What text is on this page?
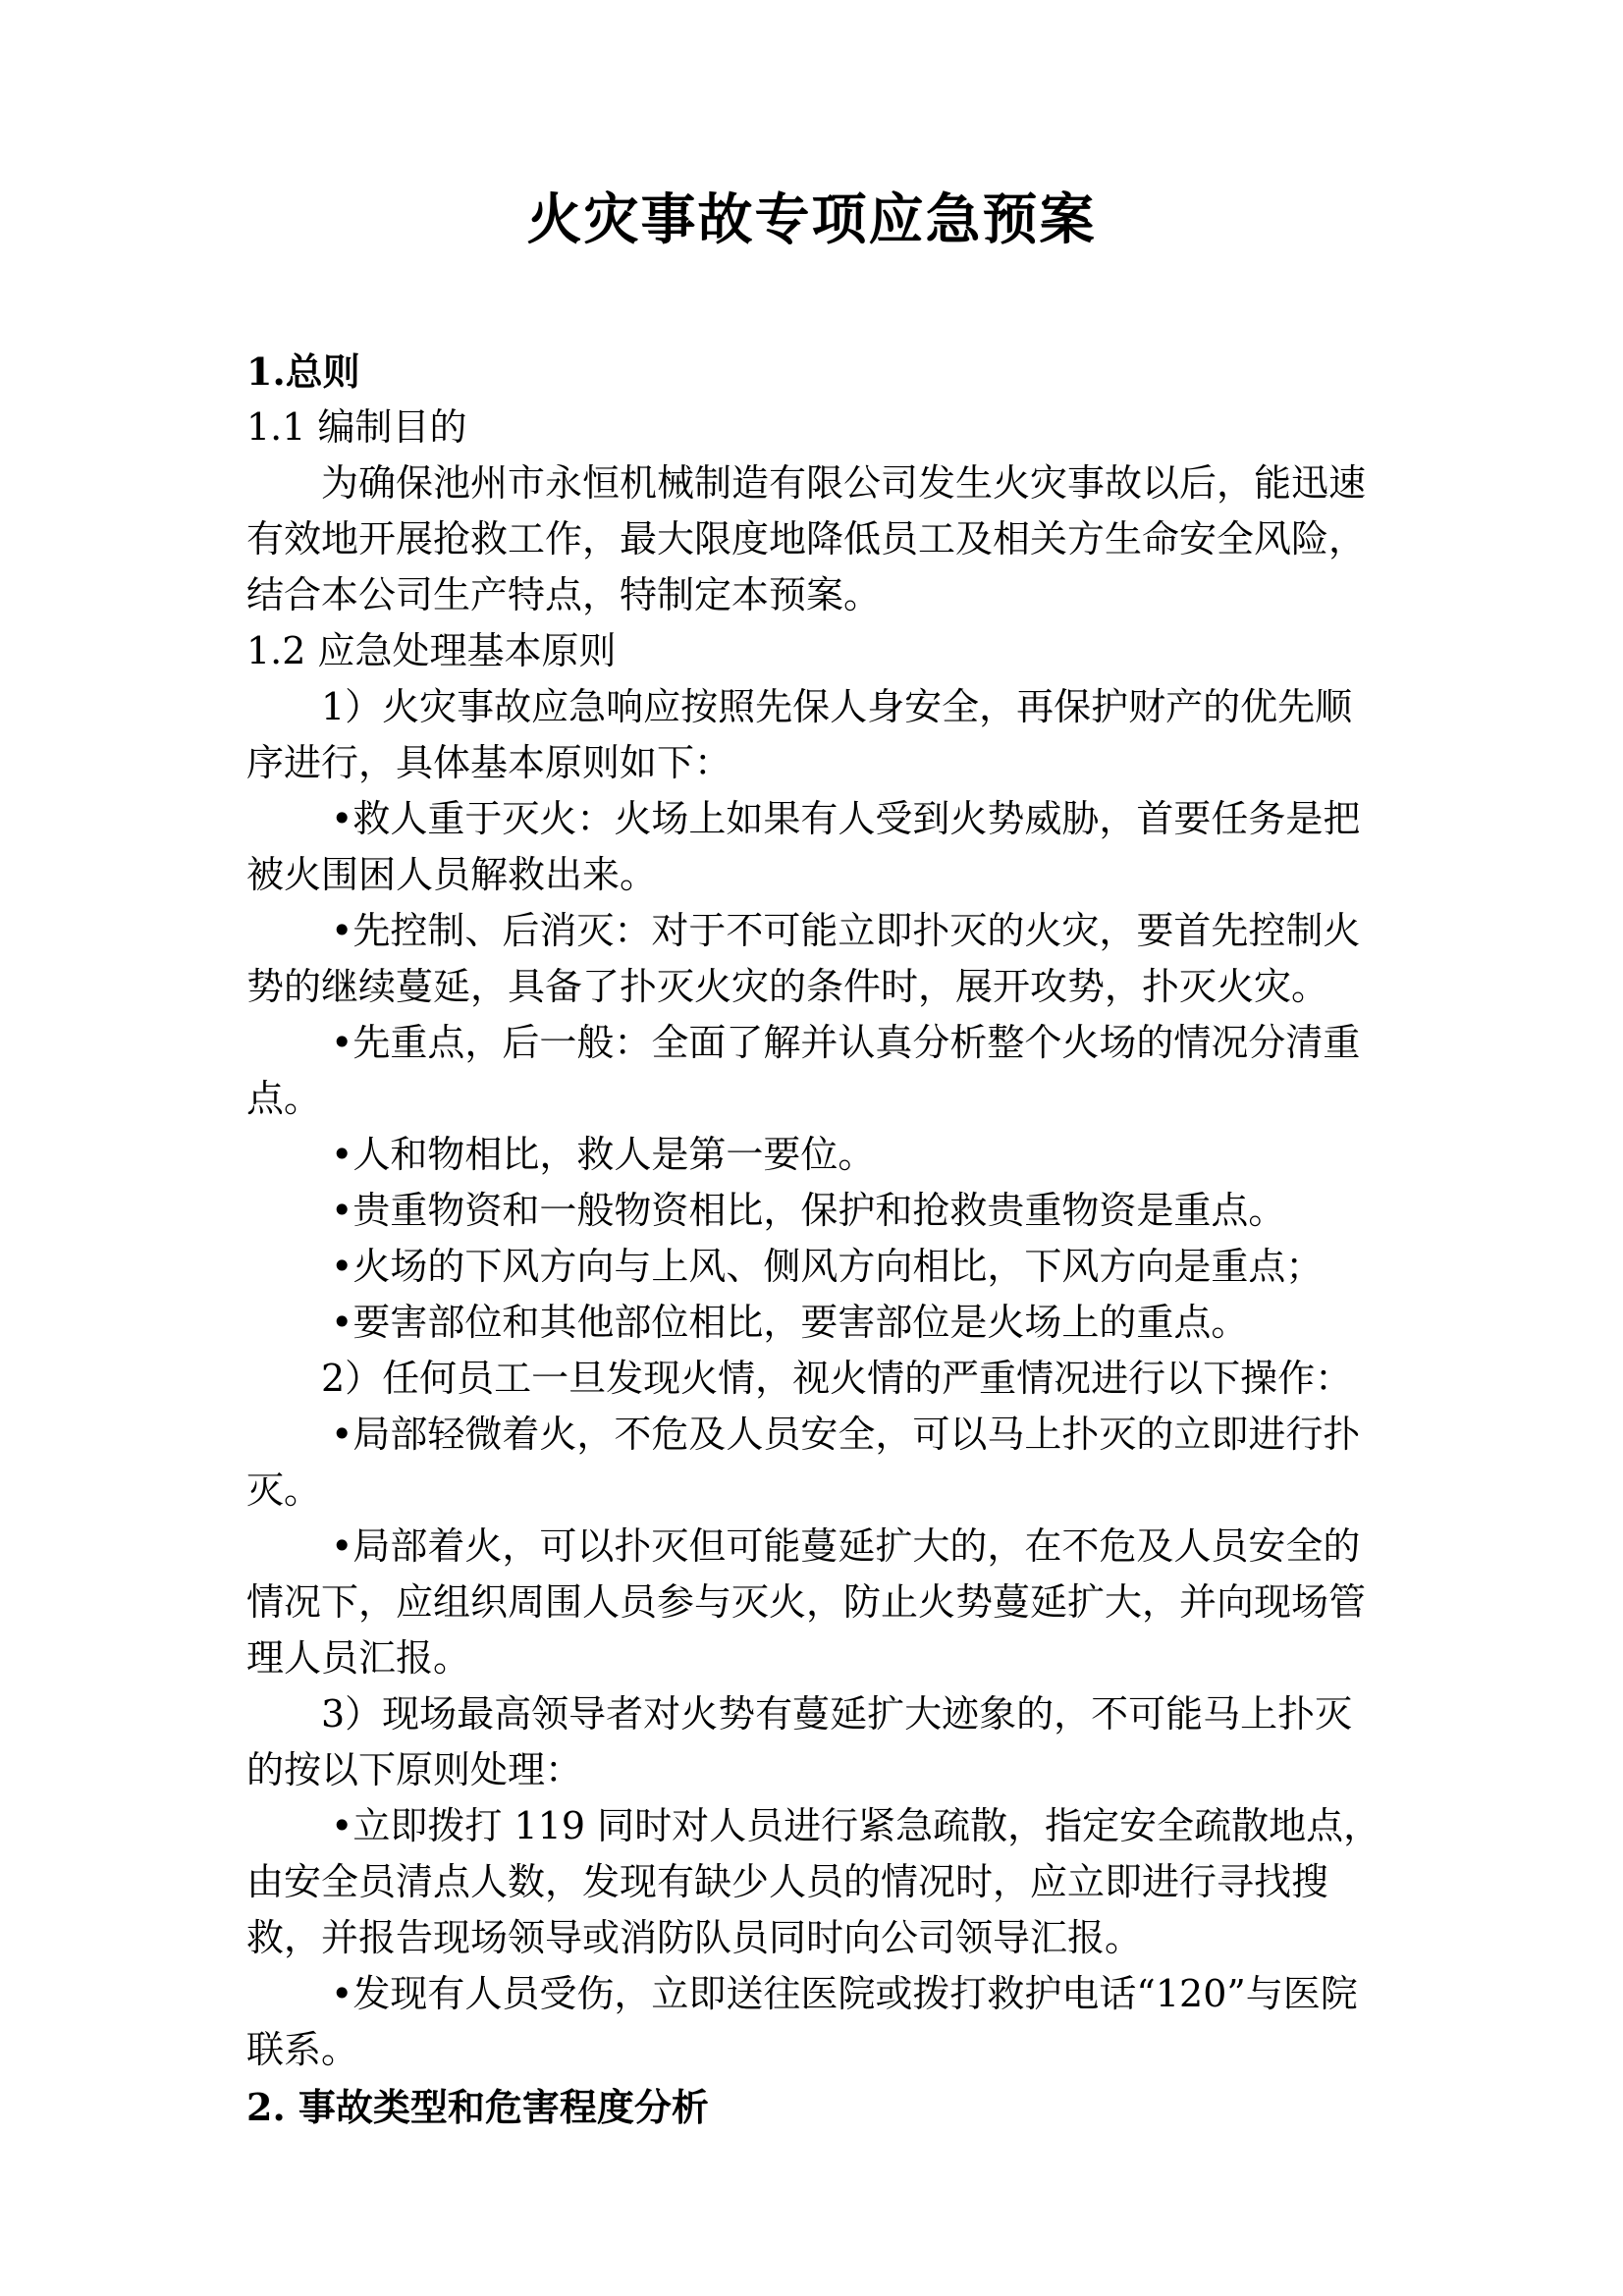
火灾事故专项应急预案

1.总则

1.1 编制目的

为确保池州市永恒机械制造有限公司发生火灾事故以后，能迅速有效地开展抢救工作，最大限度地降低员工及相关方生命安全风险，结合本公司生产特点，特制定本预案。

1.2 应急处理基本原则

1）火灾事故应急响应按照先保人身安全，再保护财产的优先顺序进行，具体基本原则如下：

•救人重于灭火：火场上如果有人受到火势威胁，首要任务是把被火围困人员解救出来。

•先控制、后消灭：对于不可能立即扑灭的火灾，要首先控制火势的继续蔓延，具备了扑灭火灾的条件时，展开攻势，扑灭火灾。

•先重点，后一般：全面了解并认真分析整个火场的情况分清重点。

•人和物相比，救人是第一要位。

•贵重物资和一般物资相比，保护和抢救贵重物资是重点。

•火场的下风方向与上风、侧风方向相比，下风方向是重点；

•要害部位和其他部位相比，要害部位是火场上的重点。

2）任何员工一旦发现火情，视火情的严重情况进行以下操作：

•局部轻微着火，不危及人员安全，可以马上扑灭的立即进行扑灭。

•局部着火，可以扑灭但可能蔓延扩大的，在不危及人员安全的情况下，应组织周围人员参与灭火，防止火势蔓延扩大，并向现场管理人员汇报。

3）现场最高领导者对火势有蔓延扩大迹象的，不可能马上扑灭的按以下原则处理：

•立即拨打 119 同时对人员进行紧急疏散，指定安全疏散地点，由安全员清点人数，发现有缺少人员的情况时，应立即进行寻找搜救，并报告现场领导或消防队员同时向公司领导汇报。

•发现有人员受伤，立即送往医院或拨打救护电话“120”与医院联系。

2. 事故类型和危害程度分析
